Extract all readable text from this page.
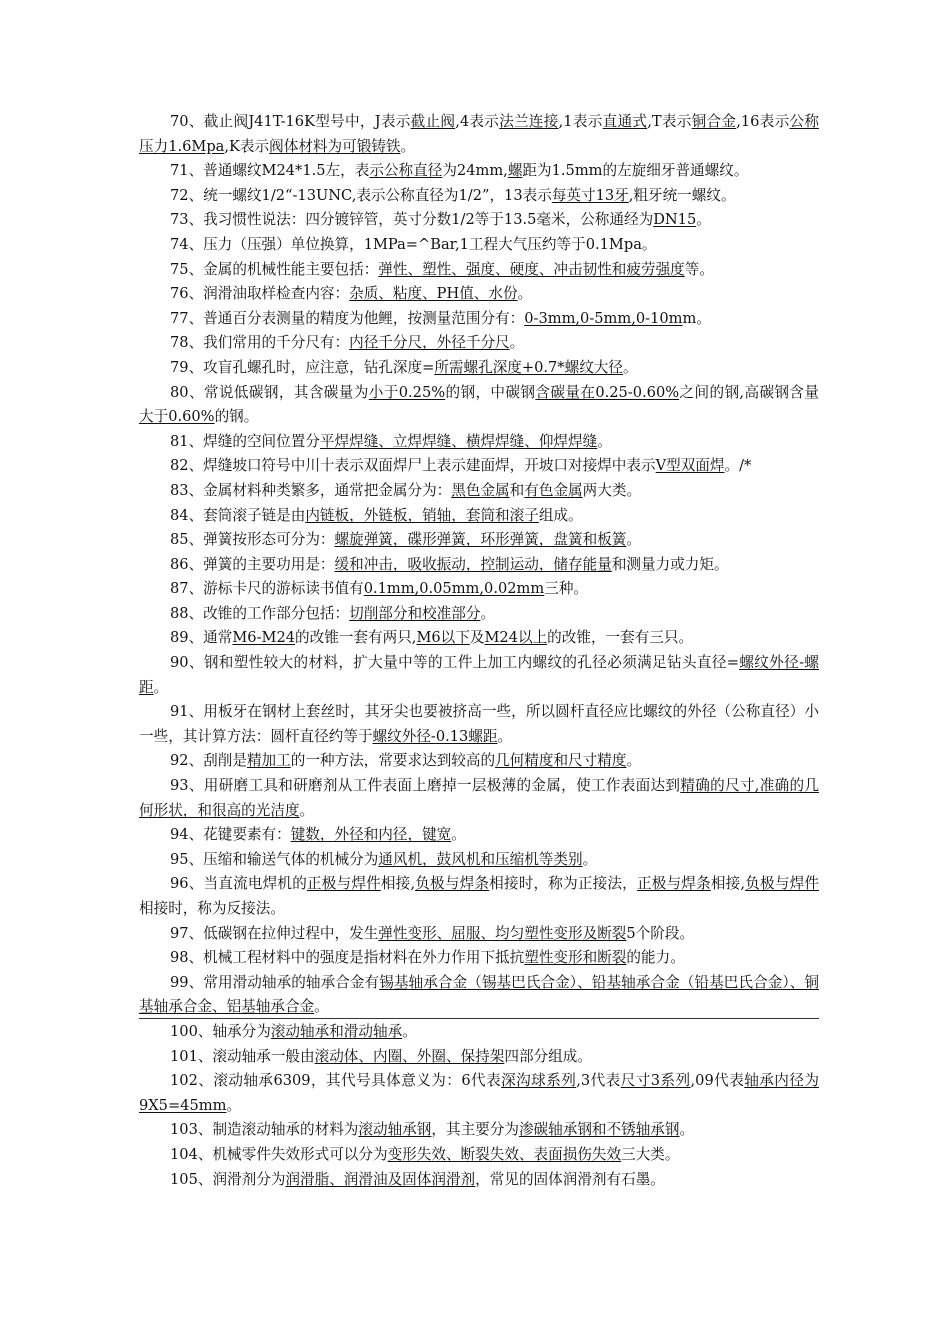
70、截止阀J41T-16K型号中，J表示截止阀,4表示法兰连接,1表示直通式,T表示铜合金,16表示公称压力1.6Mpa,K表示阀体材料为可锻铸铁。

71、普通螺纹M24*1.5左，表示公称直径为24mm,螺距为1.5mm的左旋细牙普通螺纹。

72、统一螺纹1/2“-13UNC,表示公称直径为1/2”，13表示每英寸13牙,粗牙统一螺纹。

73、我习惯性说法：四分镀锌管，英寸分数1/2等于13.5毫米，公称通经为DN15。

74、压力（压强）单位换算，1MPa=^Bar,1工程大气压约等于0.1Mpa。

75、金属的机械性能主要包括：弹性、塑性、强度、硬度、冲击韧性和疲劳强度等。

76、润滑油取样检查内容：杂质、粘度、PH值、水份。

77、普通百分表测量的精度为他鲤，按测量范围分有：0-3mm,0-5mm,0-10mm。

78、我们常用的千分尺有：内径千分尺，外径千分尺。

79、攻盲孔螺孔时，应注意，钻孔深度=所需螺孔深度+0.7*螺纹大径。

80、常说低碳钢，其含碳量为小于0.25%的钢，中碳钢含碳量在0.25-0.60%之间的钢,高碳钢含量大于0.60%的钢。

81、焊缝的空间位置分平焊焊缝、立焊焊缝、横焊焊缝、仰焊焊缝。

82、焊缝坡口符号中川十表示双面焊尸上表示建面焊，开坡口对接焊中表示V型双面焊。/*

83、金属材料种类繁多，通常把金属分为：黑色金属和有色金属两大类。

84、套筒滚子链是由内链板，外链板，销轴，套筒和滚子组成。

85、弹簧按形态可分为：螺旋弹簧，碟形弹簧，环形弹簧，盘簧和板簧。

86、弹簧的主要功用是：缓和冲击，吸收振动，控制运动，储存能量和测量力或力矩。

87、游标卡尺的游标读书值有0.1mm,0.05mm,0.02mm三种。

88、改锥的工作部分包括：切削部分和校准部分。

89、通常M6-M24的改锥一套有两只,M6以下及M24以上的改锥，一套有三只。

90、钢和塑性较大的材料，扩大量中等的工件上加工内螺纹的孔径必须满足钻头直径=螺纹外径-螺距。

91、用板牙在钢材上套丝时，其牙尖也要被挤高一些，所以圆杆直径应比螺纹的外径（公称直径）小一些，其计算方法：圆杆直径约等于螺纹外径-0.13螺距。

92、刮削是精加工的一种方法，常要求达到较高的几何精度和尺寸精度。

93、用研磨工具和研磨剂从工件表面上磨掉一层极薄的金属，使工作表面达到精确的尺寸,准确的几何形状，和很高的光洁度。

94、花键要素有：键数，外径和内径，键宽。

95、压缩和输送气体的机械分为通风机，鼓风机和压缩机等类别。

96、当直流电焊机的正极与焊件相接,负极与焊条相接时，称为正接法，正极与焊条相接,负极与焊件相接时，称为反接法。

97、低碳钢在拉伸过程中，发生弹性变形、屈服、均匀塑性变形及断裂5个阶段。

98、机械工程材料中的强度是指材料在外力作用下抵抗塑性变形和断裂的能力。

99、常用滑动轴承的轴承合金有锡基轴承合金（锡基巴氏合金）、铅基轴承合金（铅基巴氏合金）、铜基轴承合金、铝基轴承合金。

100、轴承分为滚动轴承和滑动轴承。

101、滚动轴承一般由滚动体、内圈、外圈、保持架四部分组成。

102、滚动轴承6309，其代号具体意义为：6代表深沟球系列,3代表尺寸3系列,09代表轴承内径为9X5=45mm。

103、制造滚动轴承的材料为滚动轴承钢，其主要分为渗碳轴承钢和不锈轴承钢。

104、机械零件失效形式可以分为变形失效、断裂失效、表面损伤失效三大类。

105、润滑剂分为润滑脂、润滑油及固体润滑剂，常见的固体润滑剂有石墨。
